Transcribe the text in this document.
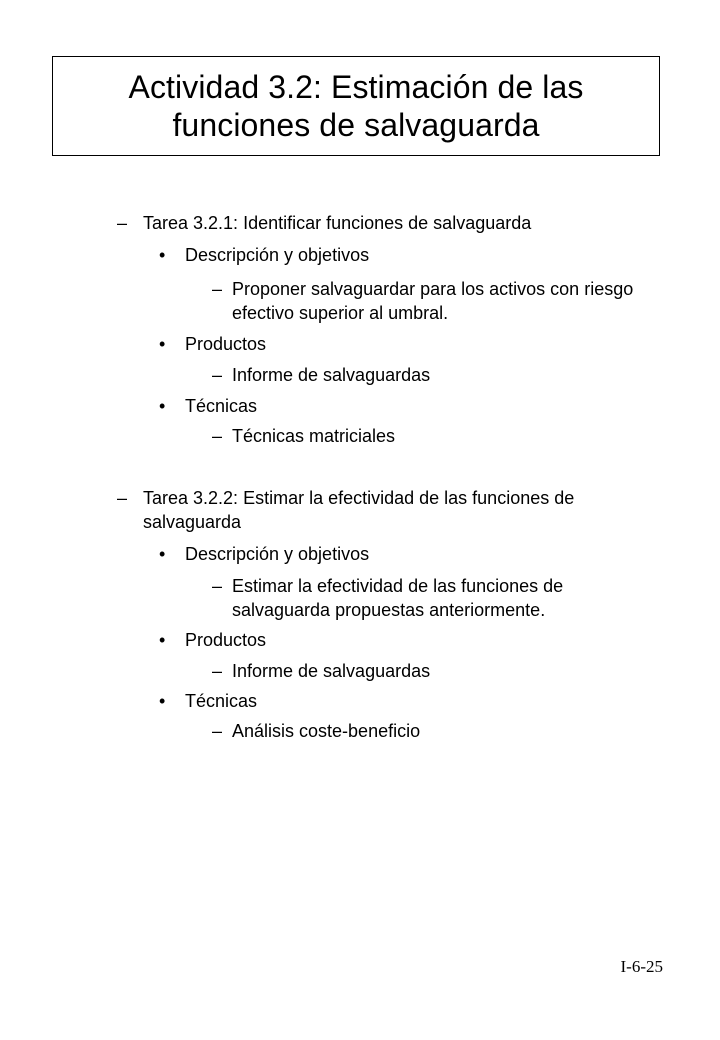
Actividad 3.2: Estimación de las
funciones de salvaguarda
– Tarea 3.2.1: Identificar funciones de salvaguarda
• Descripción y objetivos
– Proponer salvaguardar para los activos con riesgo efectivo superior al umbral.
• Productos
– Informe de salvaguardas
• Técnicas
– Técnicas matriciales
– Tarea 3.2.2: Estimar la efectividad de las funciones de salvaguarda
• Descripción y objetivos
– Estimar la efectividad de las funciones de salvaguarda propuestas anteriormente.
• Productos
– Informe de salvaguardas
• Técnicas
– Análisis coste-beneficio
I-6-25
